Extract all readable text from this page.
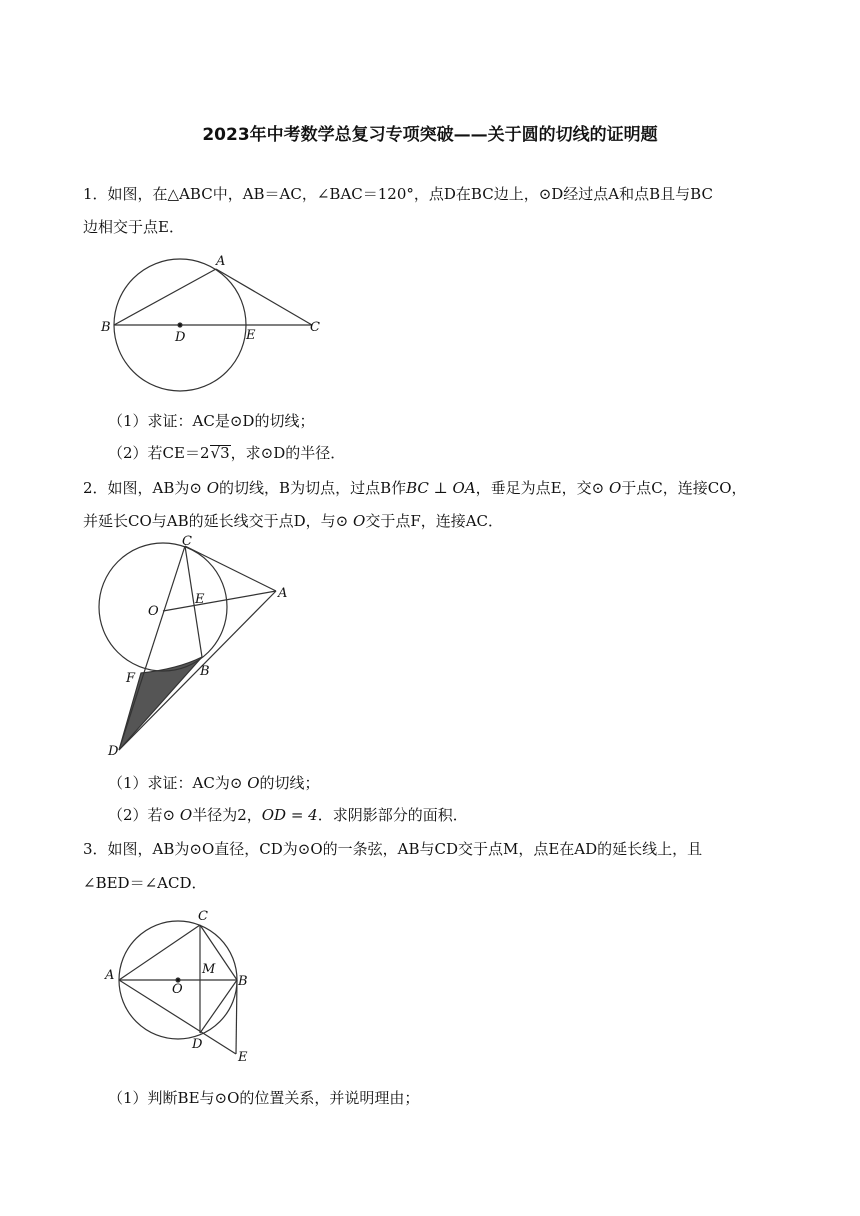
2023年中考数学总复习专项突破——关于圆的切线的证明题
1．如图，在△ABC中，AB＝AC，∠BAC＝120°，点D在BC边上，⊙D经过点A和点B且与BC
边相交于点E．
A
B	C
D	E
（1）求证：AC是⊙D的切线；
（2）若CE＝2√3，求⊙D的半径．
2．如图，AB为⊙ O的切线，B为切点，过点B作BC ⊥ OA，垂足为点E，交⊙ O于点C，连接CO，
并延长CO与AB的延长线交于点D，与⊙ O交于点F，连接AC．
C
A
O
E
B
F
D
（1）求证：AC为⊙ O的切线；
（2）若⊙ O半径为2，OD = 4．求阴影部分的面积．
3．如图，AB为⊙O直径，CD为⊙O的一条弦，AB与CD交于点M，点E在AD的延长线上，且
∠BED＝∠ACD．
C
A	B
M
O
D
E
（1）判断BE与⊙O的位置关系，并说明理由；
